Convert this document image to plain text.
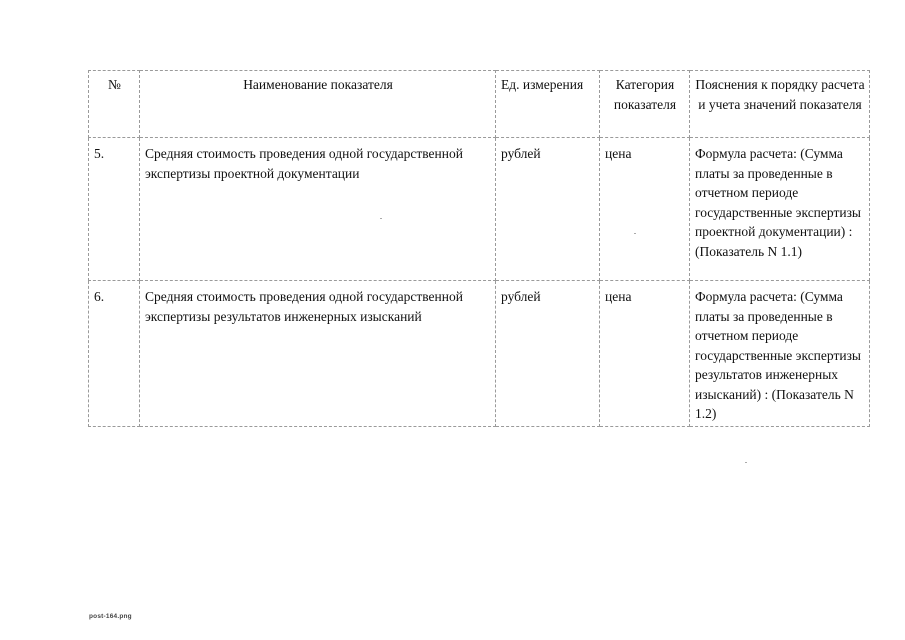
№	Наименование показателя	Ед. измерения	Категория показателя	Пояснения к порядку расчета и учета значений показателя
5.	Средняя стоимость проведения одной государственной экспертизы проектной документации	рублей	цена	Формула расчета: (Сумма платы за проведенные в отчетном периоде государственные экспертизы проектной документации) : (Показатель N 1.1)
6.	Средняя стоимость проведения одной государственной экспертизы результатов инженерных изысканий	рублей	цена	Формула расчета: (Сумма платы за проведенные в отчетном периоде государственные экспертизы результатов инженерных изысканий) : (Показатель N 1.2)
post-164.png
